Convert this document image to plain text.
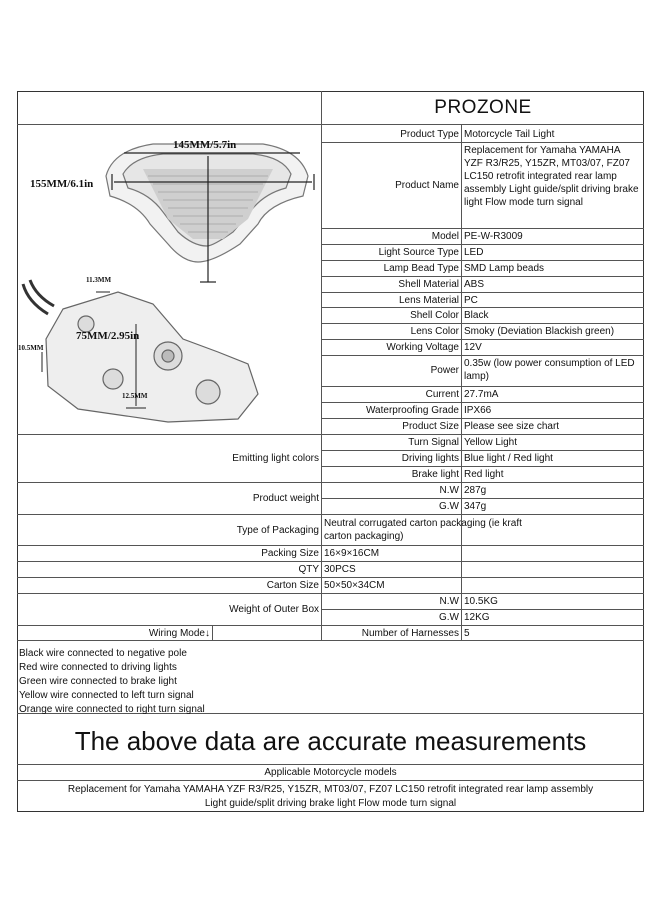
PROZONE
145MM/5.7in
155MM/6.1in
11.3MM
75MM/2.95in
10.5MM
12.5MM
Product Type Motorcycle Tail Light
Product Name
Replacement for Yamaha YAMAHA YZF R3/R25, Y15ZR, MT03/07, FZ07 LC150 retrofit integrated rear lamp assembly Light guide/split driving brake light Flow mode turn signal
Model PE-W-R3009
Light Source Type LED
Lamp Bead Type SMD Lamp beads
Shell Material ABS
Lens Material PC
Shell Color Black
Lens Color Smoky (Deviation Blackish green)
Working Voltage 12V
Power
0.35w (low power consumption of LED lamp)
Current 27.7mA
Waterproofing Grade IPX66
Product Size Please see size chart
Emitting light colors
Turn Signal Yellow Light
Driving lights Blue light / Red light
Brake light Red light
Product weight
N.W 287g
G.W 347g
Type of Packaging
Neutral corrugated carton packaging (ie kraft carton packaging)
Packing Size 16×9×16CM
QTY 30PCS
Carton Size 50×50×34CM
Weight of Outer Box
N.W 10.5KG
G.W 12KG
Wiring Mode↓	Number of Harnesses 5
Black wire connected to negative pole
Red wire connected to driving lights
Green wire connected to brake light
Yellow wire connected to left turn signal
Orange wire connected to right turn signal
The above data are accurate measurements
Applicable Motorcycle models
Replacement for Yamaha YAMAHA YZF R3/R25, Y15ZR, MT03/07, FZ07 LC150 retrofit integrated rear lamp assembly
Light guide/split driving brake light Flow mode turn signal
